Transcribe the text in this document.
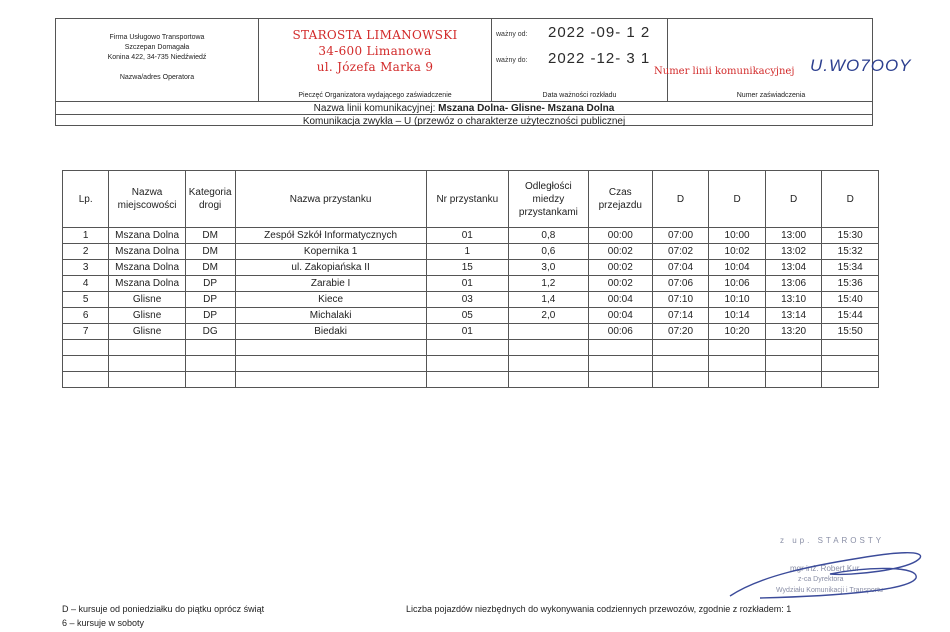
Firma Usługowo Transportowa
Szczepan Domagała
Konina 422, 34-735 Niedźwiedź
Nazwa/adres Operatora
STAROSTA LIMANOWSKI
34-600 Limanowa
ul. Józefa Marka 9
Pieczęć Organizatora wydającego zaświadczenie
ważny od: 2022 -09- 1 2
ważny do: 2022 -12- 3 1
Data ważności rozkładu
Numer linii komunikacyjnej U.WO7OOY
Numer zaświadczenia
Nazwa linii komunikacyjnej: Mszana Dolna- Glisne- Mszana Dolna
Komunikacja zwykła – U (przewóz o charakterze użyteczności publicznej
Lp.	Nazwa miejscowości	Kategoria drogi	Nazwa przystanku	Nr przystanku	Odległości miedzy przystankami	Czas przejazdu	D	D	D	D
1	Mszana Dolna	DM	Zespół Szkół Informatycznych	01	0,8	00:00	07:00	10:00	13:00	15:30
2	Mszana Dolna	DM	Kopernika 1	1	0,6	00:02	07:02	10:02	13:02	15:32
3	Mszana Dolna	DM	ul. Zakopiańska II	15	3,0	00:02	07:04	10:04	13:04	15:34
4	Mszana Dolna	DP	Zarabie I	01	1,2	00:02	07:06	10:06	13:06	15:36
5	Glisne	DP	Kiece	03	1,4	00:04	07:10	10:10	13:10	15:40
6	Glisne	DP	Michalaki	05	2,0	00:04	07:14	10:14	13:14	15:44
7	Glisne	DG	Biedaki	01		00:06	07:20	10:20	13:20	15:50

D – kursuje od poniedziałku do piątku oprócz świąt
6 – kursuje w soboty
Liczba pojazdów niezbędnych do wykonywania codziennych przewozów, zgodnie z rozkładem: 1
z up. STAROSTY
mgr inż. Robert Kur
z-ca Dyrektora
Wydziału Komunikacji i Transportu
